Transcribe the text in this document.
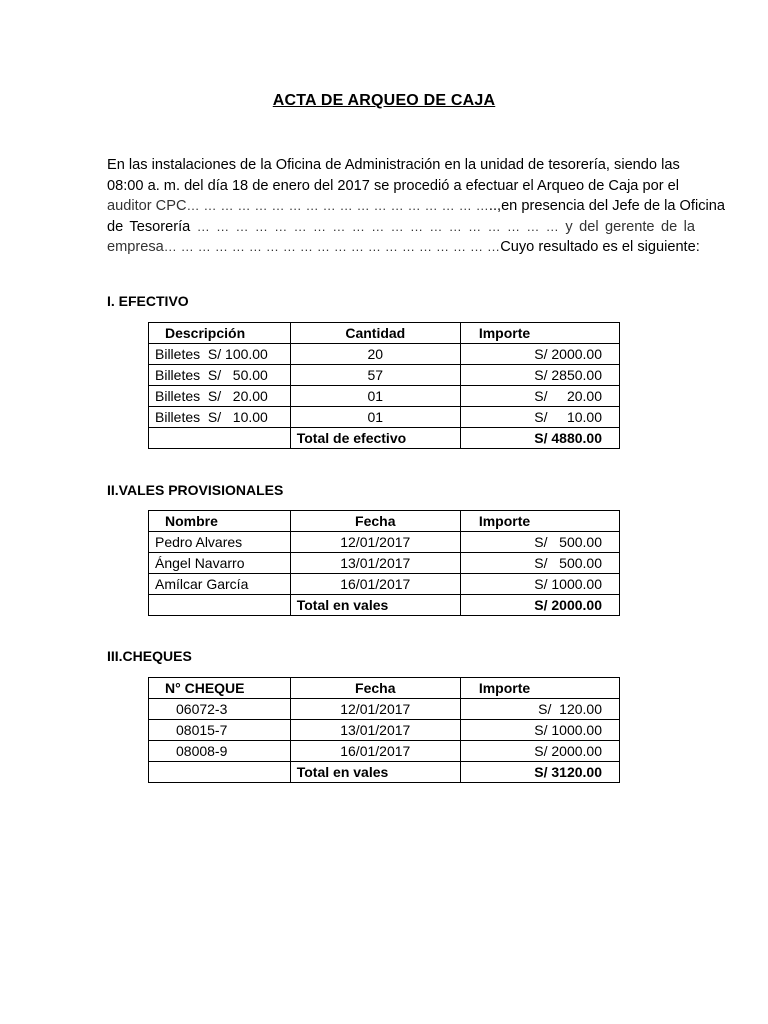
ACTA DE ARQUEO DE CAJA
En las instalaciones de la Oficina de Administración en la unidad de tesorería, siendo las
08:00 a. m. del día 18 de enero del 2017 se procedió a efectuar el Arqueo de Caja por el
auditor CPC… … … … … … … … … … … … … … … … … …..,en presencia del Jefe de la Oficina
de Tesorería … … … … … … … … … … … … … … … … … … … y del gerente de la
empresa… … … … … … … … … … … … … … … … … … … …Cuyo resultado es el siguiente:
I. EFECTIVO
Descripción	Cantidad	Importe
Billetes  S/ 100.00	20	S/ 2000.00
Billetes  S/   50.00	57	S/ 2850.00
Billetes  S/   20.00	01	S/     20.00
Billetes  S/   10.00	01	S/     10.00
	Total de efectivo	S/ 4880.00
II.VALES PROVISIONALES
Nombre	Fecha	Importe
Pedro Alvares	12/01/2017	S/   500.00
Ángel Navarro	13/01/2017	S/   500.00
Amílcar García	16/01/2017	S/ 1000.00
	Total en vales	S/ 2000.00
III.CHEQUES
N° CHEQUE	Fecha	Importe
06072-3	12/01/2017	S/  120.00
08015-7	13/01/2017	S/ 1000.00
08008-9	16/01/2017	S/ 2000.00
	Total en vales	S/ 3120.00
